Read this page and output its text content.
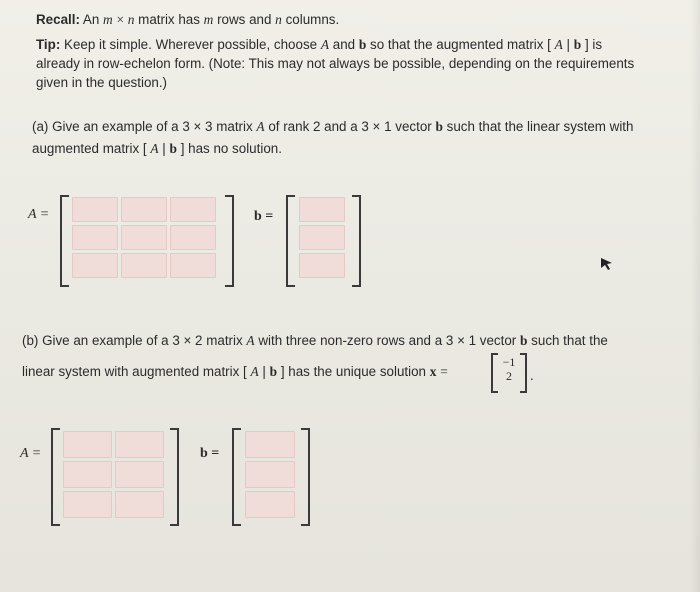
Recall: An m × n matrix has m rows and n columns.
Tip: Keep it simple. Wherever possible, choose A and b so that the augmented matrix [ A | b ] is
already in row-echelon form. (Note: This may not always be possible, depending on the requirements
given in the question.)
(a) Give an example of a 3 × 3 matrix A of rank 2 and a 3 × 1 vector b such that the linear system with
augmented matrix [ A | b ] has no solution.
A =	b =
(b) Give an example of a 3 × 2 matrix A with three non-zero rows and a 3 × 1 vector b such that the
linear system with augmented matrix [ A | b ] has the unique solution x =
−1
2	.
A =	b =
